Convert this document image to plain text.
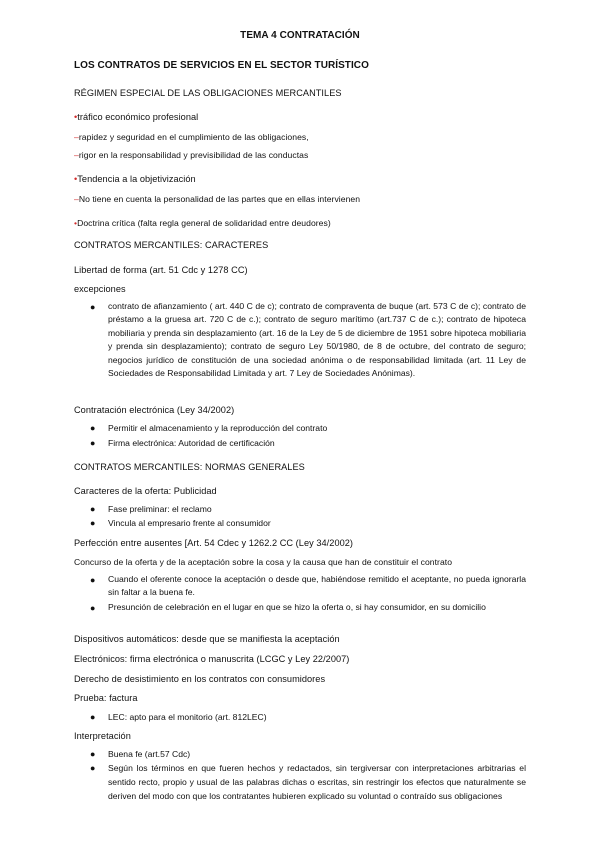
TEMA 4 CONTRATACIÓN
LOS CONTRATOS DE SERVICIOS EN EL SECTOR TURÍSTICO
RÉGIMEN ESPECIAL DE LAS OBLIGACIONES MERCANTILES
•tráfico económico profesional
–rapidez y seguridad en el cumplimiento de las obligaciones,
–rigor en la responsabilidad y previsibilidad de las conductas
•Tendencia a la objetivización
–No tiene en cuenta la personalidad de las partes que en ellas intervienen
•Doctrina crítica (falta regla general de solidaridad entre deudores)
CONTRATOS MERCANTILES: CARACTERES
Libertad de forma (art. 51 Cdc y 1278 CC)
excepciones
● contrato de afianzamiento ( art. 440 C de c); contrato de compraventa de buque (art. 573 C de c); contrato de préstamo a la gruesa art. 720 C de c.); contrato de seguro marítimo (art.737 C de c.); contrato de hipoteca mobiliaria y prenda sin desplazamiento (art. 16 de la Ley de 5 de diciembre de 1951 sobre hipoteca mobiliaria y prenda sin desplazamiento); contrato de seguro Ley 50/1980, de 8 de octubre, del contrato de seguro; negocios jurídico de constitución de una sociedad anónima o de responsabilidad limitada (art. 11 Ley de Sociedades de Responsabilidad Limitada y art. 7 Ley de Sociedades Anónimas).
Contratación electrónica (Ley 34/2002)
● Permitir el almacenamiento y la reproducción del contrato
● Firma electrónica: Autoridad de certificación
CONTRATOS MERCANTILES: NORMAS GENERALES
Caracteres de la oferta: Publicidad
● Fase preliminar: el reclamo
● Vincula al empresario frente al consumidor
Perfección entre ausentes [Art. 54 Cdec y 1262.2 CC (Ley 34/2002)
Concurso de la oferta y de la aceptación sobre la cosa y la causa que han de constituir el contrato
● Cuando el oferente conoce la aceptación o desde que, habiéndose remitido el aceptante, no pueda ignorarla sin faltar a la buena fe.
● Presunción de celebración en el lugar en que se hizo la oferta o, si hay consumidor, en su domicilio
Dispositivos automáticos: desde que se manifiesta la aceptación
Electrónicos: firma electrónica o manuscrita (LCGC y Ley 22/2007)
Derecho de desistimiento en los contratos con consumidores
Prueba: factura
● LEC: apto para el monitorio (art. 812LEC)
Interpretación
● Buena fe (art.57 Cdc)
● Según los términos en que fueren hechos y redactados, sin tergiversar con interpretaciones arbitrarias el sentido recto, propio y usual de las palabras dichas o escritas, sin restringir los efectos que naturalmente se deriven del modo con que los contratantes hubieren explicado su voluntad o contraído sus obligaciones
